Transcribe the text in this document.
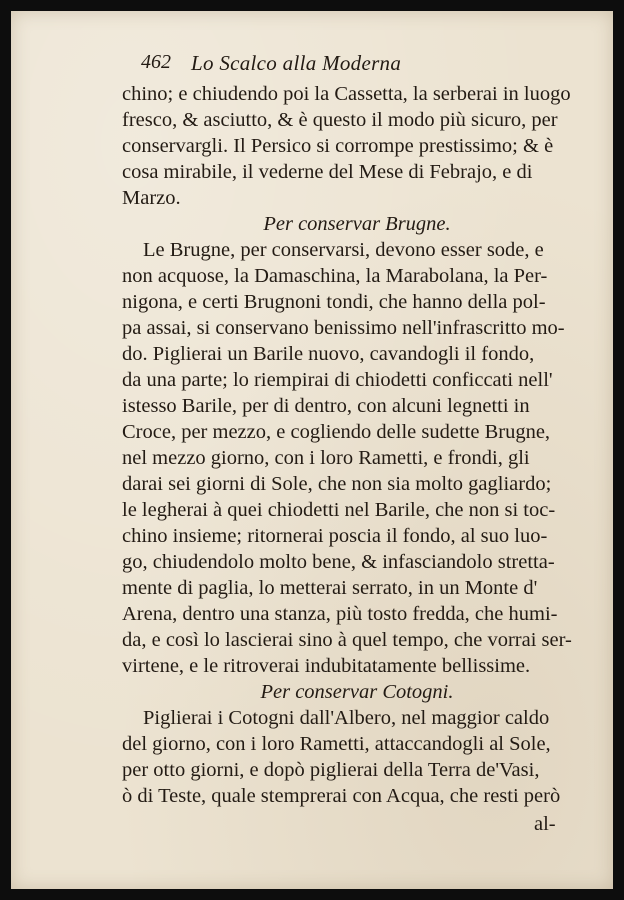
462 Lo Scalco alla Moderna
chino; e chiudendo poi la Cassetta, la serberai in luogo
fresco, & asciutto, & è questo il modo più sicuro, per
conservargli. Il Persico si corrompe prestissimo; & è
cosa mirabile, il vederne del Mese di Febrajo, e di
Marzo.
Per conservar Brugne.
Le Brugne, per conservarsi, devono esser sode, e
non acquose, la Damaschina, la Marabolana, la Per-
nigona, e certi Brugnoni tondi, che hanno della pol-
pa assai, si conservano benissimo nell'infrascritto mo-
do. Piglierai un Barile nuovo, cavandogli il fondo,
da una parte; lo riempirai di chiodetti conficcati nell'
istesso Barile, per di dentro, con alcuni legnetti in
Croce, per mezzo, e cogliendo delle sudette Brugne,
nel mezzo giorno, con i loro Rametti, e frondi, gli
darai sei giorni di Sole, che non sia molto gagliardo;
le legherai à quei chiodetti nel Barile, che non si toc-
chino insieme; ritornerai poscia il fondo, al suo luo-
go, chiudendolo molto bene, & infasciandolo stretta-
mente di paglia, lo metterai serrato, in un Monte d'
Arena, dentro una stanza, più tosto fredda, che humi-
da, e così lo lascierai sino à quel tempo, che vorrai ser-
virtene, e le ritroverai indubitatamente bellissime.
Per conservar Cotogni.
Piglierai i Cotogni dall'Albero, nel maggior caldo
del giorno, con i loro Rametti, attaccandogli al Sole,
per otto giorni, e dopò piglierai della Terra de'Vasi,
ò di Teste, quale stemprerai con Acqua, che resti però
al-
